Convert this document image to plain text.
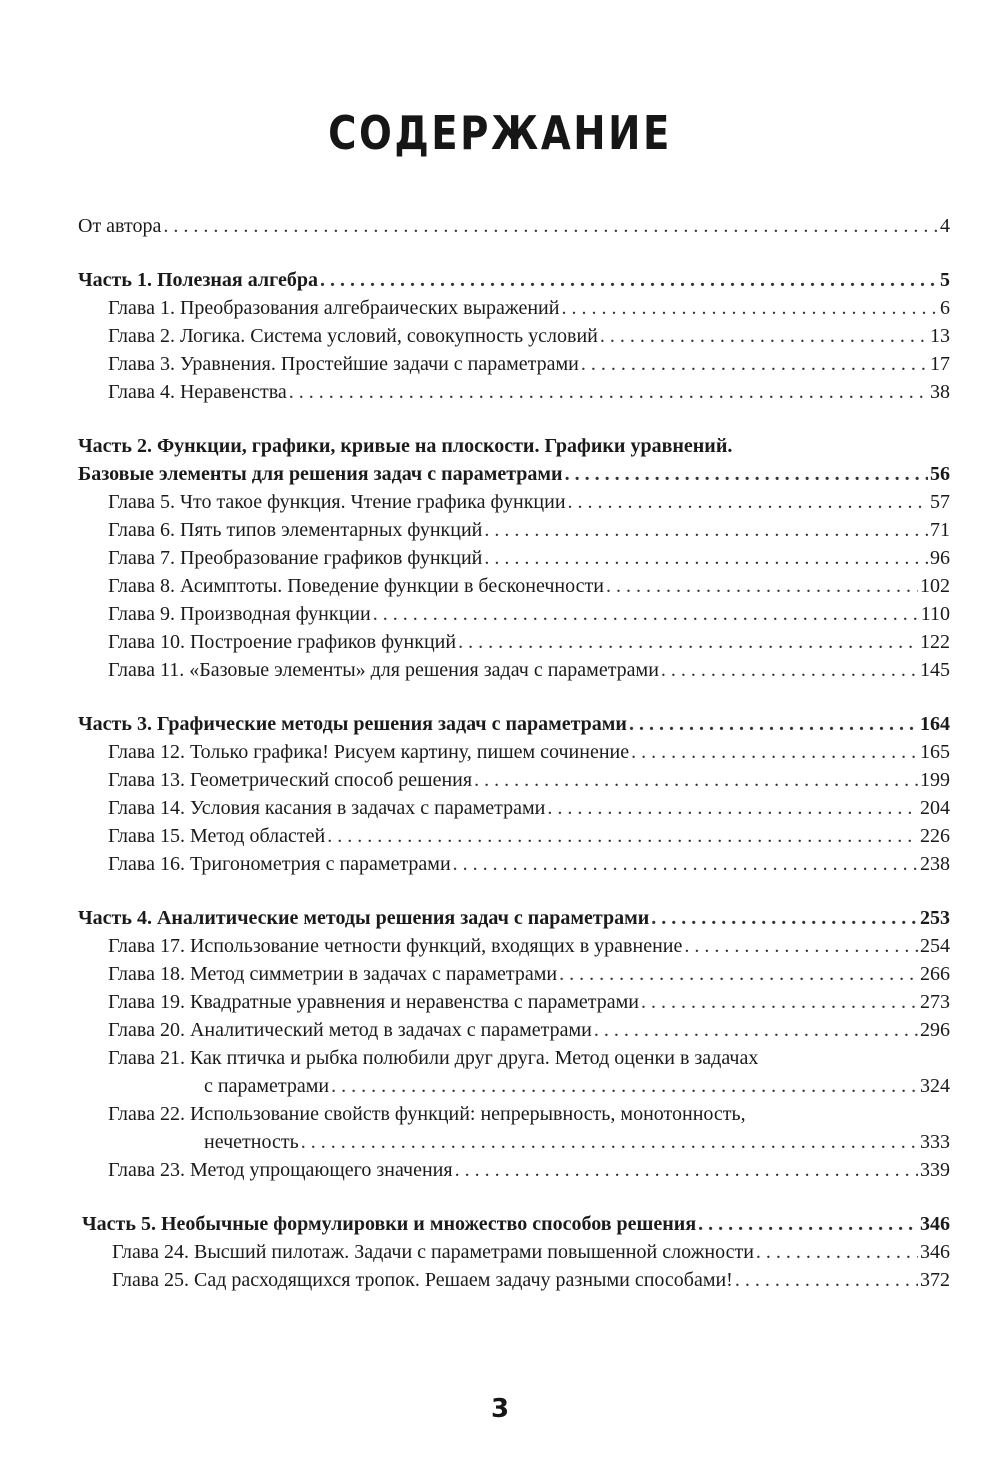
СОДЕРЖАНИЕ
От автора . . .	4
Часть 1. Полезная алгебра . . .	5
Глава 1. Преобразования алгебраических выражений . . .	6
Глава 2. Логика. Система условий, совокупность условий . . .	13
Глава 3. Уравнения. Простейшие задачи с параметрами . . .	17
Глава 4. Неравенства . . .	38
Часть 2. Функции, графики, кривые на плоскости. Графики уравнений.
Базовые элементы для решения задач с параметрами . . .	56
Глава 5. Что такое функция. Чтение графика функции . . .	57
Глава 6. Пять типов элементарных функций . . .	71
Глава 7. Преобразование графиков функций . . .	96
Глава 8. Асимптоты. Поведение функции в бесконечности . . .	102
Глава 9. Производная функции . . .	110
Глава 10. Построение графиков функций . . .	122
Глава 11. «Базовые элементы» для решения задач с параметрами . . .	145
Часть 3. Графические методы решения задач с параметрами . . .	164
Глава 12. Только графика! Рисуем картину, пишем сочинение . . .	165
Глава 13. Геометрический способ решения . . .	199
Глава 14. Условия касания в задачах с параметрами . . .	204
Глава 15. Метод областей . . .	226
Глава 16. Тригонометрия с параметрами . . .	238
Часть 4. Аналитические методы решения задач с параметрами . . .	253
Глава 17. Использование четности функций, входящих в уравнение . . .	254
Глава 18. Метод симметрии в задачах с параметрами . . .	266
Глава 19. Квадратные уравнения и неравенства с параметрами . . .	273
Глава 20. Аналитический метод в задачах с параметрами . . .	296
Глава 21. Как птичка и рыбка полюбили друг друга. Метод оценки в задачах
с параметрами . . .	324
Глава 22. Использование свойств функций: непрерывность, монотонность,
нечетность . . .	333
Глава 23. Метод упрощающего значения . . .	339
Часть 5. Необычные формулировки и множество способов решения . . .	346
Глава 24. Высший пилотаж. Задачи с параметрами повышенной сложности . . .	346
Глава 25. Сад расходящихся тропок. Решаем задачу разными способами! . . .	372
3
